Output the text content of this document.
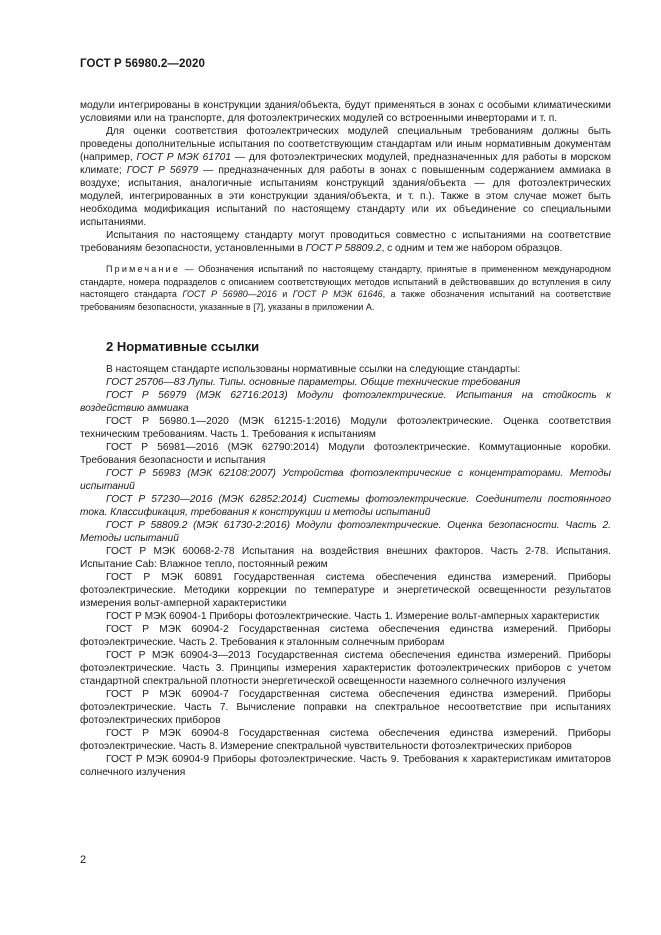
ГОСТ Р 56980.2—2020

модули интегрированы в конструкции здания/объекта, будут применяться в зонах с особыми климатическими условиями или на транспорте, для фотоэлектрических модулей со встроенными инверторами и т. п.

Для оценки соответствия фотоэлектрических модулей специальным требованиям должны быть проведены дополнительные испытания по соответствующим стандартам или иным нормативным документам (например, ГОСТ Р МЭК 61701 — для фотоэлектрических модулей, предназначенных для работы в морском климате; ГОСТ Р 56979 — предназначенных для работы в зонах с повышенным содержанием аммиака в воздухе; испытания, аналогичные испытаниям конструкций здания/объекта — для фотоэлектрических модулей, интегрированных в эти конструкции здания/объекта, и т. п.). Также в этом случае может быть необходима модификация испытаний по настоящему стандарту или их объединение со специальными испытаниями.

Испытания по настоящему стандарту могут проводиться совместно с испытаниями на соответствие требованиям безопасности, установленными в ГОСТ Р 58809.2, с одним и тем же набором образцов.

Примечание — Обозначения испытаний по настоящему стандарту, принятые в примененном международном стандарте, номера подразделов с описанием соответствующих методов испытаний в действовавших до вступления в силу настоящего стандарта ГОСТ Р 56980—2016 и ГОСТ Р МЭК 61646, а также обозначения испытаний на соответствие требованиям безопасности, указанные в [7], указаны в приложении А.

2 Нормативные ссылки

В настоящем стандарте использованы нормативные ссылки на следующие стандарты:

ГОСТ 25706—83 Лупы. Типы. основные параметры. Общие технические требования

ГОСТ Р 56979 (МЭК 62716:2013) Модули фотоэлектрические. Испытания на стойкость к воздействию аммиака

ГОСТ Р 56980.1—2020 (МЭК 61215-1:2016) Модули фотоэлектрические. Оценка соответствия техническим требованиям. Часть 1. Требования к испытаниям

ГОСТ Р 56981—2016 (МЭК 62790:2014) Модули фотоэлектрические. Коммутационные коробки. Требования безопасности и испытания

ГОСТ Р 56983 (МЭК 62108:2007) Устройства фотоэлектрические с концентраторами. Методы испытаний

ГОСТ Р 57230—2016 (МЭК 62852:2014) Системы фотоэлектрические. Соединители постоянного тока. Классификация, требования к конструкции и методы испытаний

ГОСТ Р 58809.2 (МЭК 61730-2:2016) Модули фотоэлектрические. Оценка безопасности. Часть 2. Методы испытаний

ГОСТ Р МЭК 60068-2-78 Испытания на воздействия внешних факторов. Часть 2-78. Испытания. Испытание Cab: Влажное тепло, постоянный режим

ГОСТ Р МЭК 60891 Государственная система обеспечения единства измерений. Приборы фотоэлектрические. Методики коррекции по температуре и энергетической освещенности результатов измерения вольт-амперной характеристики

ГОСТ Р МЭК 60904-1 Приборы фотоэлектрические. Часть 1. Измерение вольт-амперных характеристик

ГОСТ Р МЭК 60904-2 Государственная система обеспечения единства измерений. Приборы фотоэлектрические. Часть 2. Требования к эталонным солнечным приборам

ГОСТ Р МЭК 60904-3—2013 Государственная система обеспечения единства измерений. Приборы фотоэлектрические. Часть 3. Принципы измерения характеристик фотоэлектрических приборов с учетом стандартной спектральной плотности энергетической освещенности наземного солнечного излучения

ГОСТ Р МЭК 60904-7 Государственная система обеспечения единства измерений. Приборы фотоэлектрические. Часть 7. Вычисление поправки на спектральное несоответствие при испытаниях фотоэлектрических приборов

ГОСТ Р МЭК 60904-8 Государственная система обеспечения единства измерений. Приборы фотоэлектрические. Часть 8. Измерение спектральной чувствительности фотоэлектрических приборов

ГОСТ Р МЭК 60904-9 Приборы фотоэлектрические. Часть 9. Требования к характеристикам имитаторов солнечного излучения

2
